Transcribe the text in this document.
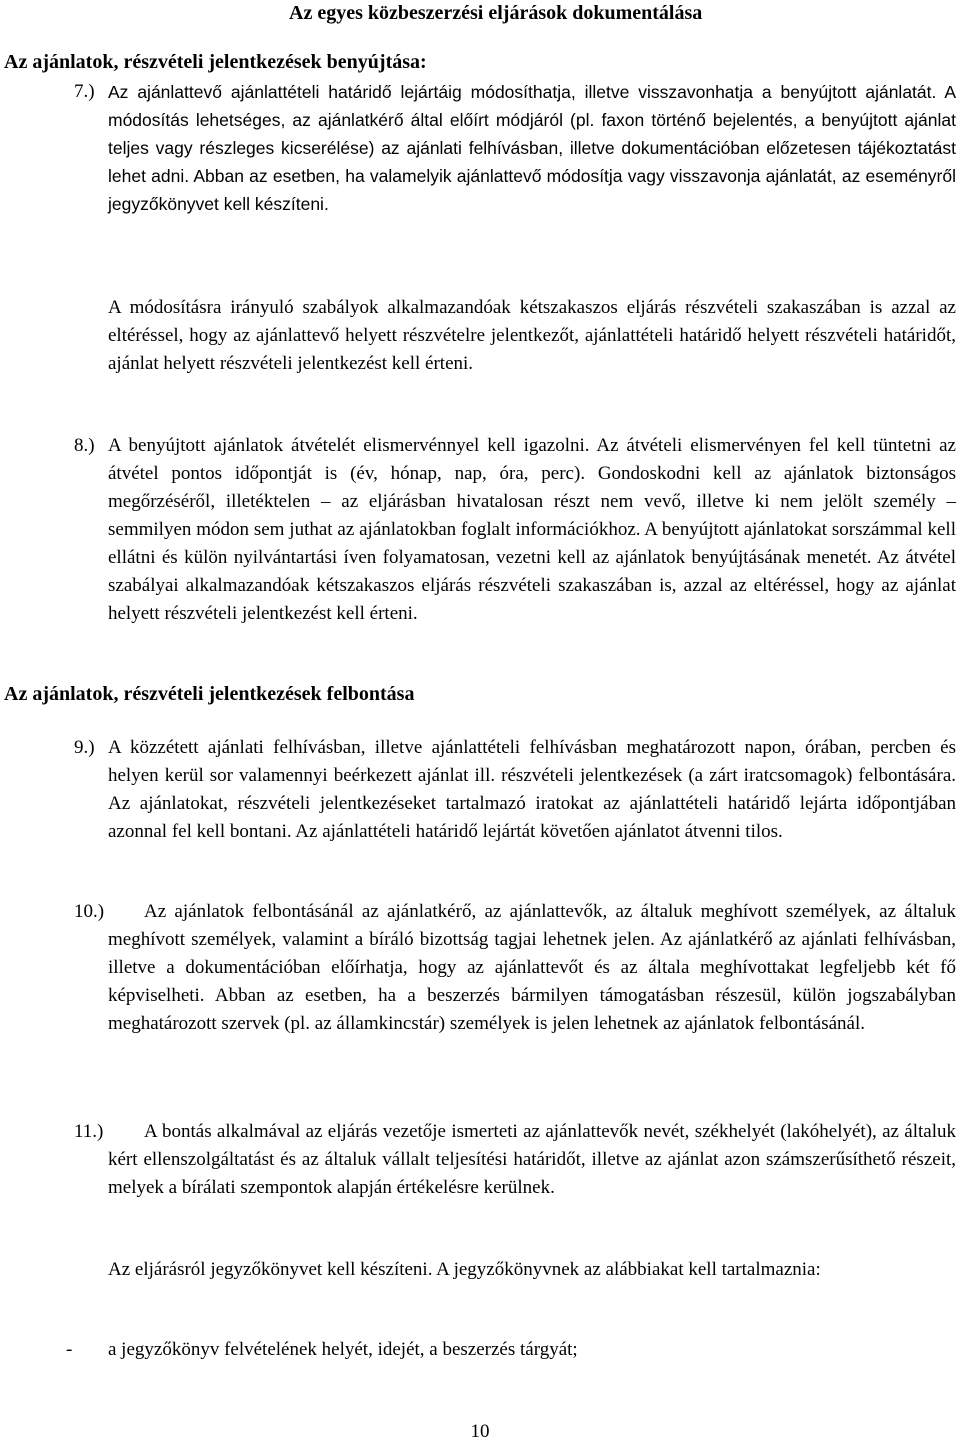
Az egyes közbeszerzési eljárások dokumentálása
Az ajánlatok, részvételi jelentkezések benyújtása:
7.) Az ajánlattevő ajánlattételi határidő lejártáig módosíthatja, illetve visszavonhatja a benyújtott ajánlatát. A módosítás lehetséges, az ajánlatkérő által előírt módjáról (pl. faxon történő bejelentés, a benyújtott ajánlat teljes vagy részleges kicserélése) az ajánlati felhívásban, illetve dokumentációban előzetesen tájékoztatást lehet adni. Abban az esetben, ha valamelyik ajánlattevő módosítja vagy visszavonja ajánlatát, az eseményről jegyzőkönyvet kell készíteni.

A módosításra irányuló szabályok alkalmazandóak kétszakaszos eljárás részvételi szakaszában is azzal az eltéréssel, hogy az ajánlattevő helyett részvételre jelentkezőt, ajánlattételi határidő helyett részvételi határidőt, ajánlat helyett részvételi jelentkezést kell érteni.

8.) A benyújtott ajánlatok átvételét elismervénnyel kell igazolni. Az átvételi elismervényen fel kell tüntetni az átvétel pontos időpontját is (év, hónap, nap, óra, perc). Gondoskodni kell az ajánlatok biztonságos megőrzéséről, illetéktelen – az eljárásban hivatalosan részt nem vevő, illetve ki nem jelölt személy – semmilyen módon sem juthat az ajánlatokban foglalt információkhoz. A benyújtott ajánlatokat sorszámmal kell ellátni és külön nyilvántartási íven folyamatosan, vezetni kell az ajánlatok benyújtásának menetét. Az átvétel szabályai alkalmazandóak kétszakaszos eljárás részvételi szakaszában is, azzal az eltéréssel, hogy az ajánlat helyett részvételi jelentkezést kell érteni.

Az ajánlatok, részvételi jelentkezések felbontása
9.) A közzétett ajánlati felhívásban, illetve ajánlattételi felhívásban meghatározott napon, órában, percben és helyen kerül sor valamennyi beérkezett ajánlat ill. részvételi jelentkezések (a zárt iratcsomagok) felbontására. Az ajánlatokat, részvételi jelentkezéseket tartalmazó iratokat az ajánlattételi határidő lejárta időpontjában azonnal fel kell bontani. Az ajánlattételi határidő lejártát követően ajánlatot átvenni tilos.

10.)	Az ajánlatok felbontásánál az ajánlatkérő, az ajánlattevők, az általuk meghívott személyek, az általuk meghívott személyek, valamint a bíráló bizottság tagjai lehetnek jelen. Az ajánlatkérő az ajánlati felhívásban, illetve a dokumentációban előírhatja, hogy az ajánlattevőt és az általa meghívottakat legfeljebb két fő képviselheti. Abban az esetben, ha a beszerzés bármilyen támogatásban részesül, külön jogszabályban meghatározott szervek (pl. az államkincstár) személyek is jelen lehetnek az ajánlatok felbontásánál.

11.)	A bontás alkalmával az eljárás vezetője ismerteti az ajánlattevők nevét, székhelyét (lakóhelyét), az általuk kért ellenszolgáltatást és az általuk vállalt teljesítési határidőt, illetve az ajánlat azon számszerűsíthető részeit, melyek a bírálati szempontok alapján értékelésre kerülnek.

Az eljárásról jegyzőkönyvet kell készíteni. A jegyzőkönyvnek az alábbiakat kell tartalmaznia:

- a jegyzőkönyv felvételének helyét, idejét, a beszerzés tárgyát;

10
